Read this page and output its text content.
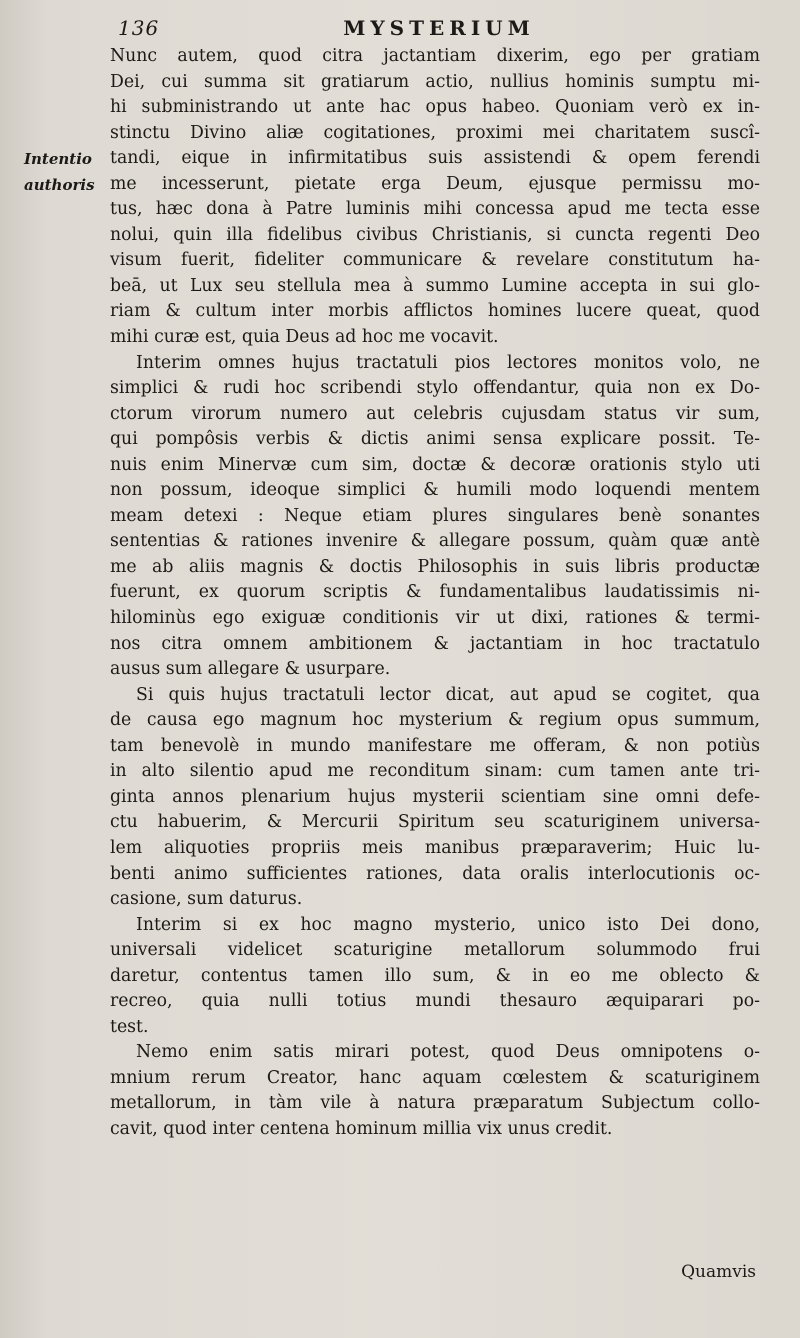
136	MYSTERIUM
Intentio
authoris
Nunc autem, quod citra jactantiam dixerim, ego per gratiam
Dei, cui summa sit gratiarum actio, nullius hominis sumptu mi-
hi subministrando ut ante hac opus habeo. Quoniam verò ex in-
stinctu Divino aliæ cogitationes, proximi mei charitatem suscî-
tandi, eique in infirmitatibus suis assistendi & opem ferendi
me incesserunt, pietate erga Deum, ejusque permissu mo-
tus, hæc dona à Patre luminis mihi concessa apud me tecta esse
nolui, quin illa fidelibus civibus Christianis, si cuncta regenti Deo
visum fuerit, fideliter communicare & revelare constitutum ha-
beā, ut Lux seu stellula mea à summo Lumine accepta in sui glo-
riam & cultum inter morbis afflictos homines lucere queat, quod
mihi curæ est, quia Deus ad hoc me vocavit.
Interim omnes hujus tractatuli pios lectores monitos volo, ne
simplici & rudi hoc scribendi stylo offendantur, quia non ex Do-
ctorum virorum numero aut celebris cujusdam status vir sum,
qui pompôsis verbis & dictis animi sensa explicare possit. Te-
nuis enim Minervæ cum sim, doctæ & decoræ orationis stylo uti
non possum, ideoque simplici & humili modo loquendi mentem
meam detexi : Neque etiam plures singulares benè sonantes
sententias & rationes invenire & allegare possum, quàm quæ antè
me ab aliis magnis & doctis Philosophis in suis libris productæ
fuerunt, ex quorum scriptis & fundamentalibus laudatissimis ni-
hilominùs ego exiguæ conditionis vir ut dixi, rationes & termi-
nos citra omnem ambitionem & jactantiam in hoc tractatulo
ausus sum allegare & usurpare.
Si quis hujus tractatuli lector dicat, aut apud se cogitet, qua
de causa ego magnum hoc mysterium & regium opus summum,
tam benevolè in mundo manifestare me offeram, & non potiùs
in alto silentio apud me reconditum sinam: cum tamen ante tri-
ginta annos plenarium hujus mysterii scientiam sine omni defe-
ctu habuerim, & Mercurii Spiritum seu scaturiginem universa-
lem aliquoties propriis meis manibus præparaverim; Huic lu-
benti animo sufficientes rationes, data oralis interlocutionis oc-
casione, sum daturus.
Interim si ex hoc magno mysterio, unico isto Dei dono,
universali videlicet scaturigine metallorum solummodo frui
daretur, contentus tamen illo sum, & in eo me oblecto &
recreo, quia nulli totius mundi thesauro æquiparari po-
test.
Nemo enim satis mirari potest, quod Deus omnipotens o-
mnium rerum Creator, hanc aquam cœlestem & scaturiginem
metallorum, in tàm vile à natura præparatum Subjectum collo-
cavit, quod inter centena hominum millia vix unus credit.
Quamvis
